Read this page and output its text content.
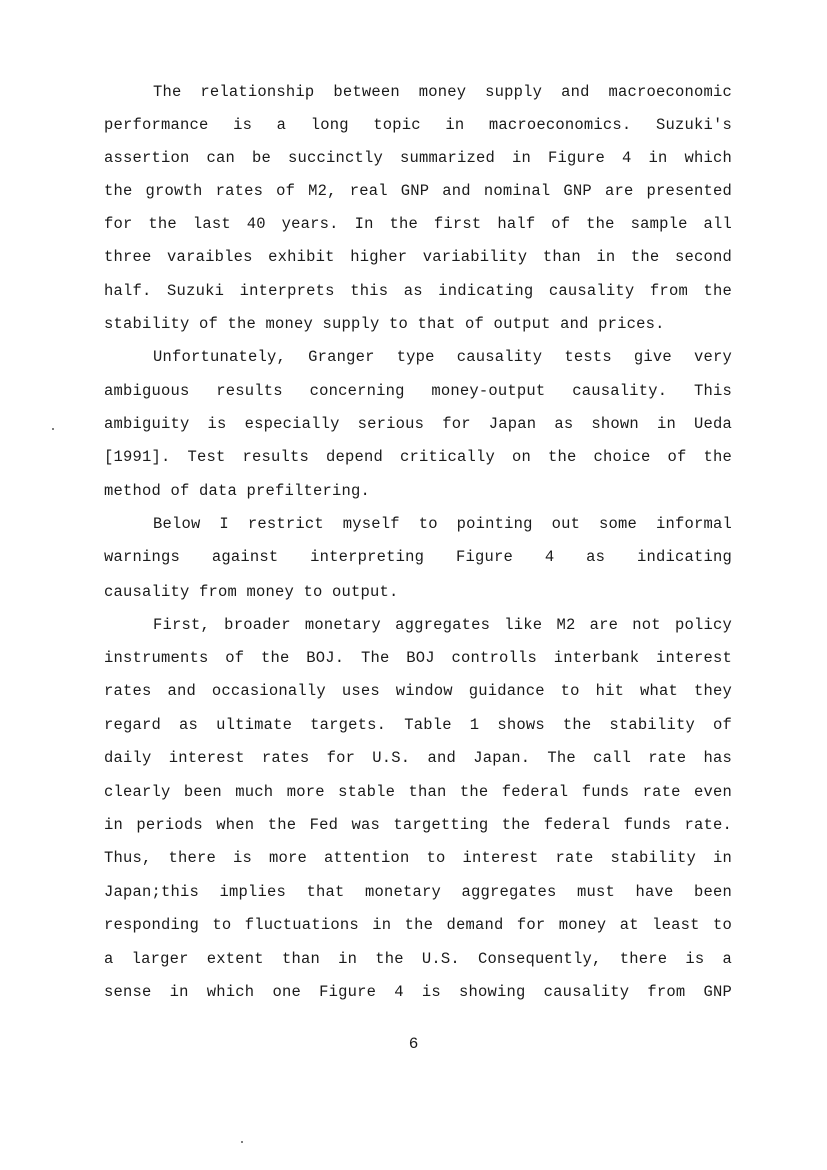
The relationship between money supply and macroeconomic
performance is a long topic in macroeconomics. Suzuki's
assertion can be succinctly summarized in Figure 4 in which
the growth rates of M2, real GNP and nominal GNP are presented
for the last 40 years. In the first half of the sample all
three varaibles exhibit higher variability than in the second
half. Suzuki interprets this as indicating causality from the
stability of the money supply to that of output and prices.
Unfortunately, Granger type causality tests give very
ambiguous results concerning money-output causality. This
ambiguity is especially serious for Japan as shown in Ueda
[1991]. Test results depend critically on the choice of the
method of data prefiltering.
Below I restrict myself to pointing out some informal
warnings against interpreting Figure 4 as indicating
causality from money to output.
First, broader monetary aggregates like M2 are not policy
instruments of the BOJ. The BOJ controlls interbank interest
rates and occasionally uses window guidance to hit what they
regard as ultimate targets. Table 1 shows the stability of
daily interest rates for U.S. and Japan. The call rate has
clearly been much more stable than the federal funds rate even
in periods when the Fed was targetting the federal funds rate.
Thus, there is more attention to interest rate stability in
Japan;this implies that monetary aggregates must have been
responding to fluctuations in the demand for money at least to
a larger extent than in the U.S. Consequently, there is a
sense in which one Figure 4 is showing causality from GNP
6
